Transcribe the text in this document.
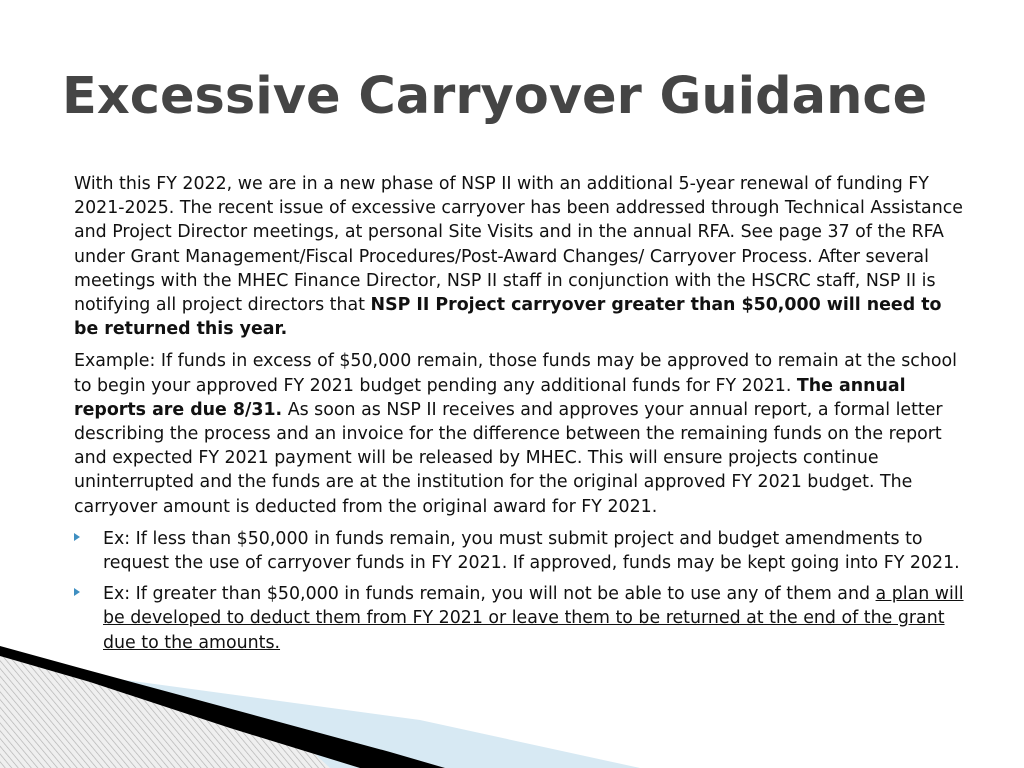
Excessive Carryover Guidance

With this FY 2022, we are in a new phase of NSP II with an additional 5-year renewal of funding FY 2021-2025. The recent issue of excessive carryover has been addressed through Technical Assistance and Project Director meetings, at personal Site Visits and in the annual RFA. See page 37 of the RFA under Grant Management/Fiscal Procedures/Post-Award Changes/ Carryover Process. After several meetings with the MHEC Finance Director, NSP II staff in conjunction with the HSCRC staff, NSP II is notifying all project directors that NSP II Project carryover greater than $50,000 will need to be returned this year.

Example: If funds in excess of $50,000 remain, those funds may be approved to remain at the school to begin your approved FY 2021 budget pending any additional funds for FY 2021. The annual reports are due 8/31. As soon as NSP II receives and approves your annual report, a formal letter describing the process and an invoice for the difference between the remaining funds on the report and expected FY 2021 payment will be released by MHEC. This will ensure projects continue uninterrupted and the funds are at the institution for the original approved FY 2021 budget. The carryover amount is deducted from the original award for FY 2021.

Ex: If less than $50,000 in funds remain, you must submit project and budget amendments to request the use of carryover funds in FY 2021. If approved, funds may be kept going into FY 2021.
Ex: If greater than $50,000 in funds remain, you will not be able to use any of them and a plan will be developed to deduct them from FY 2021 or leave them to be returned at the end of the grant due to the amounts.
